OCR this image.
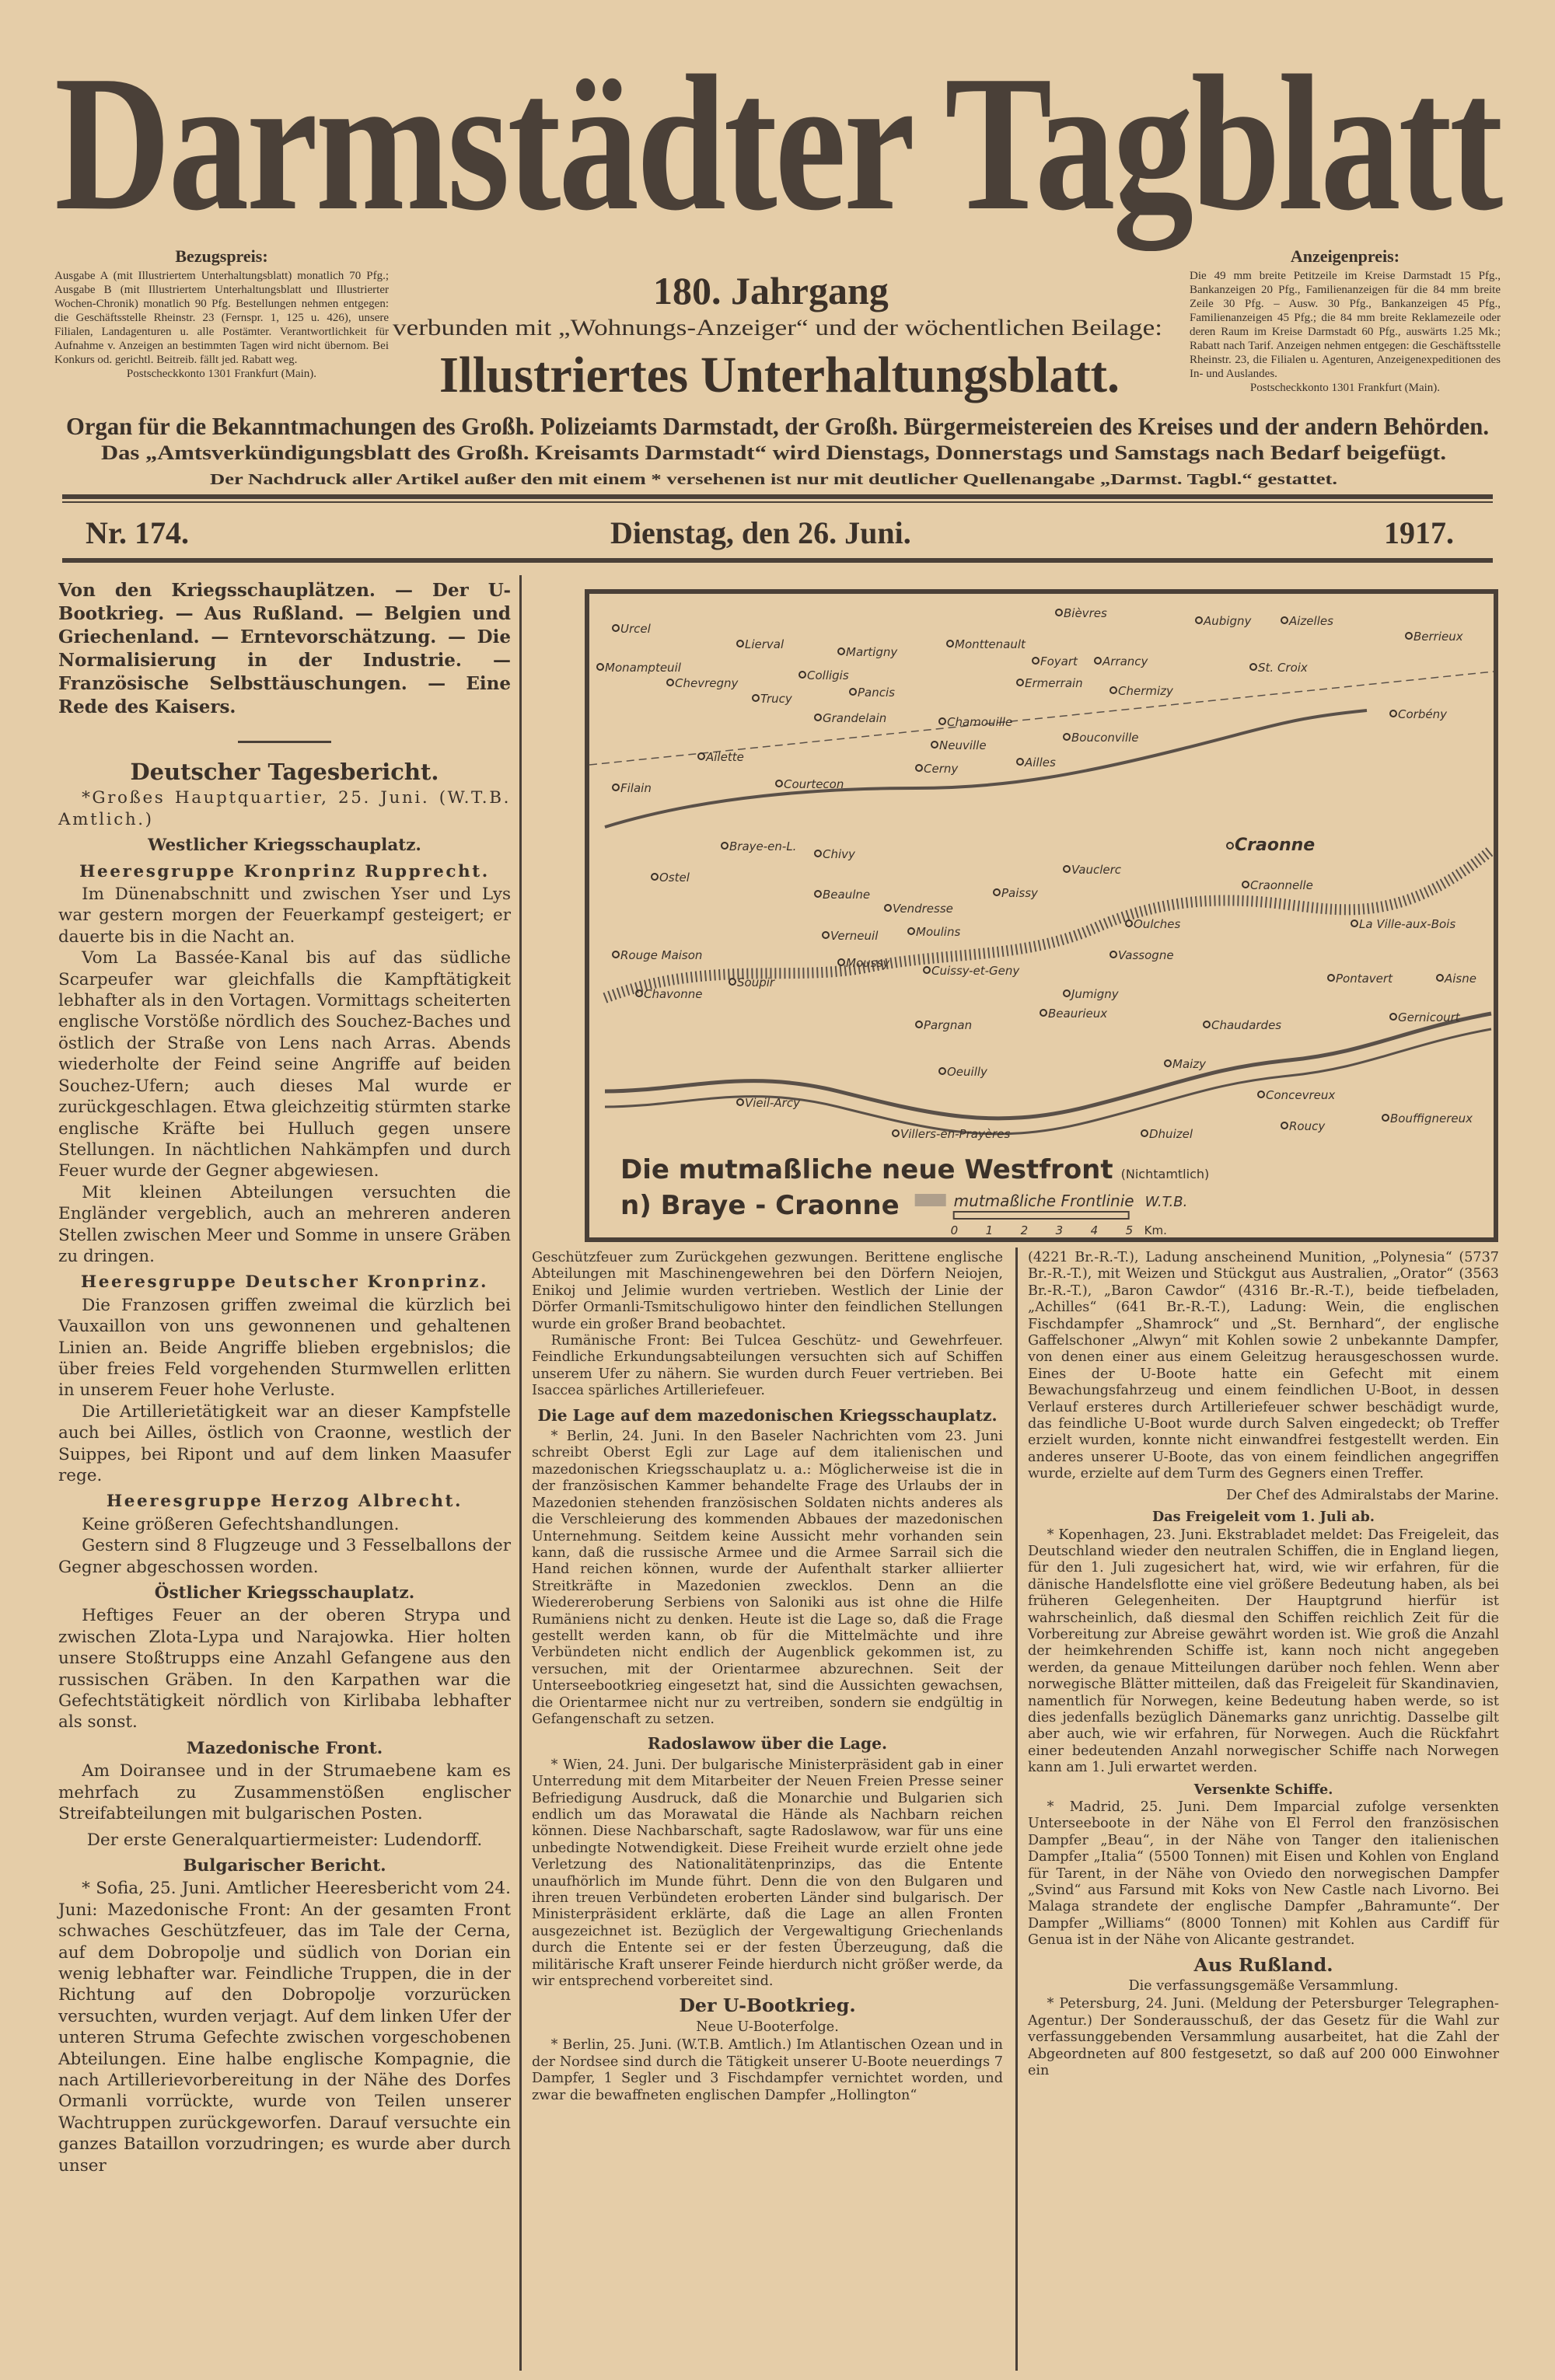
Darmstädter Tagblatt
Bezugspreis:
Ausgabe A (mit Illustriertem Unterhaltungsblatt) monatlich 70 Pfg.; Ausgabe B (mit Illustriertem Unterhaltungsblatt und Illustrierter Wochen-Chronik) monatlich 90 Pfg. Bestellungen nehmen entgegen: die Geschäftsstelle Rheinstr. 23 (Fernspr. 1, 125 u. 426), unsere Filialen, Landagenturen u. alle Postämter. Verantwortlichkeit für Aufnahme v. Anzeigen an bestimmten Tagen wird nicht übernom. Bei Konkurs od. gerichtl. Beitreib. fällt jed. Rabatt weg.
Postscheckkonto 1301 Frankfurt (Main).
Anzeigenpreis:
Die 49 mm breite Petitzeile im Kreise Darmstadt 15 Pfg., Bankanzeigen 20 Pfg., Familienanzeigen für die 84 mm breite Zeile 30 Pfg. – Ausw. 30 Pfg., Bankanzeigen 45 Pfg., Familienanzeigen 45 Pfg.; die 84 mm breite Reklamezeile oder deren Raum im Kreise Darmstadt 60 Pfg., auswärts 1.25 Mk.; Rabatt nach Tarif. Anzeigen nehmen entgegen: die Geschäftsstelle Rheinstr. 23, die Filialen u. Agenturen, Anzeigenexpeditionen des In- und Auslandes.
Postscheckkonto 1301 Frankfurt (Main).
180. Jahrgang
verbunden mit „Wohnungs-Anzeiger“ und der wöchentlichen Beilage:
Illustriertes Unterhaltungsblatt.
Organ für die Bekanntmachungen des Großh. Polizeiamts Darmstadt, der Großh. Bürgermeistereien des Kreises und der andern Behörden.
Das „Amtsverkündigungsblatt des Großh. Kreisamts Darmstadt“ wird Dienstags, Donnerstags und Samstags nach Bedarf beigefügt.
Der Nachdruck aller Artikel außer den mit einem * versehenen ist nur mit deutlicher Quellenangabe „Darmst. Tagbl.“ gestattet.
Nr. 174.	Dienstag, den 26. Juni.	1917.

Von den Kriegsschauplätzen. — Der U-Bootkrieg. — Aus Rußland. — Belgien und Griechenland. — Erntevorschätzung. — Die Normalisierung in der Industrie. — Französische Selbsttäuschungen. — Eine Rede des Kaisers.

Deutscher Tagesbericht.

*Großes Hauptquartier, 25. Juni. (W.T.B. Amtlich.)

Westlicher Kriegsschauplatz.

Heeresgruppe Kronprinz Rupprecht.

Im Dünenabschnitt und zwischen Yser und Lys war gestern morgen der Feuerkampf gesteigert; er dauerte bis in die Nacht an.

Vom La Bassée-Kanal bis auf das südliche Scarpeufer war gleichfalls die Kampftätigkeit lebhafter als in den Vortagen. Vormittags scheiterten englische Vorstöße nördlich des Souchez-Baches und östlich der Straße von Lens nach Arras. Abends wiederholte der Feind seine Angriffe auf beiden Souchez-Ufern; auch dieses Mal wurde er zurückgeschlagen. Etwa gleichzeitig stürmten starke englische Kräfte bei Hulluch gegen unsere Stellungen. In nächtlichen Nahkämpfen und durch Feuer wurde der Gegner abgewiesen.

Mit kleinen Abteilungen versuchten die Engländer vergeblich, auch an mehreren anderen Stellen zwischen Meer und Somme in unsere Gräben zu dringen.

Heeresgruppe Deutscher Kronprinz.

Die Franzosen griffen zweimal die kürzlich bei Vauxaillon von uns gewonnenen und gehaltenen Linien an. Beide Angriffe blieben ergebnislos; die über freies Feld vorgehenden Sturmwellen erlitten in unserem Feuer hohe Verluste.

Die Artillerietätigkeit war an dieser Kampfstelle auch bei Ailles, östlich von Craonne, westlich der Suippes, bei Ripont und auf dem linken Maasufer rege.

Heeresgruppe Herzog Albrecht.

Keine größeren Gefechtshandlungen.

Gestern sind 8 Flugzeuge und 3 Fesselballons der Gegner abgeschossen worden.

Östlicher Kriegsschauplatz.

Heftiges Feuer an der oberen Strypa und zwischen Zlota-Lypa und Narajowka. Hier holten unsere Stoßtrupps eine Anzahl Gefangene aus den russischen Gräben. In den Karpathen war die Gefechtstätigkeit nördlich von Kirlibaba lebhafter als sonst.

Mazedonische Front.

Am Doiransee und in der Strumaebene kam es mehrfach zu Zusammenstößen englischer Streifabteilungen mit bulgarischen Posten.

Der erste Generalquartiermeister: Ludendorff.

Bulgarischer Bericht.

* Sofia, 25. Juni. Amtlicher Heeresbericht vom 24. Juni: Mazedonische Front: An der gesamten Front schwaches Geschützfeuer, das im Tale der Cerna, auf dem Dobropolje und südlich von Dorian ein wenig lebhafter war. Feindliche Truppen, die in der Richtung auf den Dobropolje vorzurücken versuchten, wurden verjagt. Auf dem linken Ufer der unteren Struma Gefechte zwischen vorgeschobenen Abteilungen. Eine halbe englische Kompagnie, die nach Artillerievorbereitung in der Nähe des Dorfes Ormanli vorrückte, wurde von Teilen unserer Wachtruppen zurückgeworfen. Darauf versuchte ein ganzes Bataillon vorzudringen; es wurde aber durch unser

Urcel
Monampteuil
Chevregny
Lierval
Martigny
Colligis
Trucy	Pancis
Grandelain
Bièvres
Monttenault
Foyart Arrancy
Aubigny	Aizelles
Ermerrain
Chermizy
St. Croix
Berrieux
Corbény
Chamouille
Neuville
Bouconville
Ailles
Filain	Courtecon
Cerny
Craonne
Craonnelle
Ostel
Braye-en-L.
Chivy
Beaulne
Vendresse
Paissy
Vauclerc
Oulches
Vassogne
Jumigny
Moulins
Verneuil
Soupir
Chavonne
Aisne
Cuissy-et-Geny
Beaurieux
Pargnan
Oeuilly
Pontavert
Chaudardes
Maizy
Concevreux
Roucy
Vieil-Arcy
Villers-en-Prayères	Dhuizel
Gernicourt
Bouffignereux
La Ville-aux-Bois
Rouge Maison
Moussy
Ailette
Die mutmaßliche neue Westfront (Nichtamtlich)
n) Braye - Craonne	mutmaßliche Frontlinie W.T.B.
0 1 2 3 4 5 Km.

Geschützfeuer zum Zurückgehen gezwungen. Berittene englische Abteilungen mit Maschinengewehren bei den Dörfern Neiojen, Enikoj und Jelimie wurden vertrieben. Westlich der Linie der Dörfer Ormanli-Tsmitschuligowo hinter den feindlichen Stellungen wurde ein großer Brand beobachtet.

Rumänische Front: Bei Tulcea Geschütz- und Gewehrfeuer. Feindliche Erkundungsabteilungen versuchten sich auf Schiffen unserem Ufer zu nähern. Sie wurden durch Feuer vertrieben. Bei Isaccea spärliches Artilleriefeuer.

Die Lage auf dem mazedonischen Kriegsschauplatz.

* Berlin, 24. Juni. In den Baseler Nachrichten vom 23. Juni schreibt Oberst Egli zur Lage auf dem italienischen und mazedonischen Kriegsschauplatz u. a.: Möglicherweise ist die in der französischen Kammer behandelte Frage des Urlaubs der in Mazedonien stehenden französischen Soldaten nichts anderes als die Verschleierung des kommenden Abbaues der mazedonischen Unternehmung. Seitdem keine Aussicht mehr vorhanden sein kann, daß die russische Armee und die Armee Sarrail sich die Hand reichen können, wurde der Aufenthalt starker alliierter Streitkräfte in Mazedonien zwecklos. Denn an die Wiedereroberung Serbiens von Saloniki aus ist ohne die Hilfe Rumäniens nicht zu denken. Heute ist die Lage so, daß die Frage gestellt werden kann, ob für die Mittelmächte und ihre Verbündeten nicht endlich der Augenblick gekommen ist, zu versuchen, mit der Orientarmee abzurechnen. Seit der Unterseebootkrieg eingesetzt hat, sind die Aussichten gewachsen, die Orientarmee nicht nur zu vertreiben, sondern sie endgültig in Gefangenschaft zu setzen.

Radoslawow über die Lage.

* Wien, 24. Juni. Der bulgarische Ministerpräsident gab in einer Unterredung mit dem Mitarbeiter der Neuen Freien Presse seiner Befriedigung Ausdruck, daß die Monarchie und Bulgarien sich endlich um das Morawatal die Hände als Nachbarn reichen können. Diese Nachbarschaft, sagte Radoslawow, war für uns eine unbedingte Notwendigkeit. Diese Freiheit wurde erzielt ohne jede Verletzung des Nationalitätenprinzips, das die Entente unaufhörlich im Munde führt. Denn die von den Bulgaren und ihren treuen Verbündeten eroberten Länder sind bulgarisch. Der Ministerpräsident erklärte, daß die Lage an allen Fronten ausgezeichnet ist. Bezüglich der Vergewaltigung Griechenlands durch die Entente sei er der festen Überzeugung, daß die militärische Kraft unserer Feinde hierdurch nicht größer werde, da wir entsprechend vorbereitet sind.

Der U-Bootkrieg.

Neue U-Booterfolge.

* Berlin, 25. Juni. (W.T.B. Amtlich.) Im Atlantischen Ozean und in der Nordsee sind durch die Tätigkeit unserer U-Boote neuerdings 7 Dampfer, 1 Segler und 3 Fischdampfer vernichtet worden, und zwar die bewaffneten englischen Dampfer „Hollington“

(4221 Br.-R.-T.), Ladung anscheinend Munition, „Polynesia“ (5737 Br.-R.-T.), mit Weizen und Stückgut aus Australien, „Orator“ (3563 Br.-R.-T.), „Baron Cawdor“ (4316 Br.-R.-T.), beide tiefbeladen, „Achilles“ (641 Br.-R.-T.), Ladung: Wein, die englischen Fischdampfer „Shamrock“ und „St. Bernhard“, der englische Gaffelschoner „Alwyn“ mit Kohlen sowie 2 unbekannte Dampfer, von denen einer aus einem Geleitzug herausgeschossen wurde. Eines der U-Boote hatte ein Gefecht mit einem Bewachungsfahrzeug und einem feindlichen U-Boot, in dessen Verlauf ersteres durch Artilleriefeuer schwer beschädigt wurde, das feindliche U-Boot wurde durch Salven eingedeckt; ob Treffer erzielt wurden, konnte nicht einwandfrei festgestellt werden. Ein anderes unserer U-Boote, das von einem feindlichen angegriffen wurde, erzielte auf dem Turm des Gegners einen Treffer.

Der Chef des Admiralstabs der Marine.

Das Freigeleit vom 1. Juli ab.

* Kopenhagen, 23. Juni. Ekstrabladet meldet: Das Freigeleit, das Deutschland wieder den neutralen Schiffen, die in England liegen, für den 1. Juli zugesichert hat, wird, wie wir erfahren, für die dänische Handelsflotte eine viel größere Bedeutung haben, als bei früheren Gelegenheiten. Der Hauptgrund hierfür ist wahrscheinlich, daß diesmal den Schiffen reichlich Zeit für die Vorbereitung zur Abreise gewährt worden ist. Wie groß die Anzahl der heimkehrenden Schiffe ist, kann noch nicht angegeben werden, da genaue Mitteilungen darüber noch fehlen. Wenn aber norwegische Blätter mitteilen, daß das Freigeleit für Skandinavien, namentlich für Norwegen, keine Bedeutung haben werde, so ist dies jedenfalls bezüglich Dänemarks ganz unrichtig. Dasselbe gilt aber auch, wie wir erfahren, für Norwegen. Auch die Rückfahrt einer bedeutenden Anzahl norwegischer Schiffe nach Norwegen kann am 1. Juli erwartet werden.

Versenkte Schiffe.

* Madrid, 25. Juni. Dem Imparcial zufolge versenkten Unterseeboote in der Nähe von El Ferrol den französischen Dampfer „Beau“, in der Nähe von Tanger den italienischen Dampfer „Italia“ (5500 Tonnen) mit Eisen und Kohlen von England für Tarent, in der Nähe von Oviedo den norwegischen Dampfer „Svind“ aus Farsund mit Koks von New Castle nach Livorno. Bei Malaga strandete der englische Dampfer „Bahramunte“. Der Dampfer „Williams“ (8000 Tonnen) mit Kohlen aus Cardiff für Genua ist in der Nähe von Alicante gestrandet.

Aus Rußland.

Die verfassungsgemäße Versammlung.

* Petersburg, 24. Juni. (Meldung der Petersburger Telegraphen-Agentur.) Der Sonderausschuß, der das Gesetz für die Wahl zur verfassunggebenden Versammlung ausarbeitet, hat die Zahl der Abgeordneten auf 800 festgesetzt, so daß auf 200 000 Einwohner ein
